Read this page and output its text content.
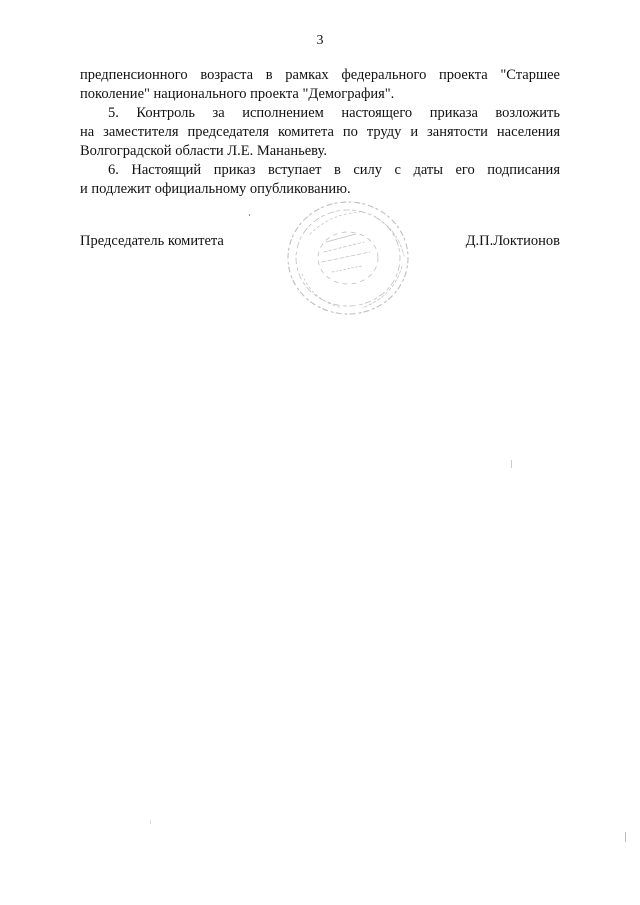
3

предпенсионного возраста в рамках федерального проекта "Старшее
поколение" национального проекта "Демография".

5. Контроль за исполнением настоящего приказа возложить
на заместителя председателя комитета по труду и занятости населения
Волгоградской области Л.Е. Мананьеву.

6. Настоящий приказ вступает в силу с даты его подписания
и подлежит официальному опубликованию.

Председатель комитета	Д.П.Локтионов
